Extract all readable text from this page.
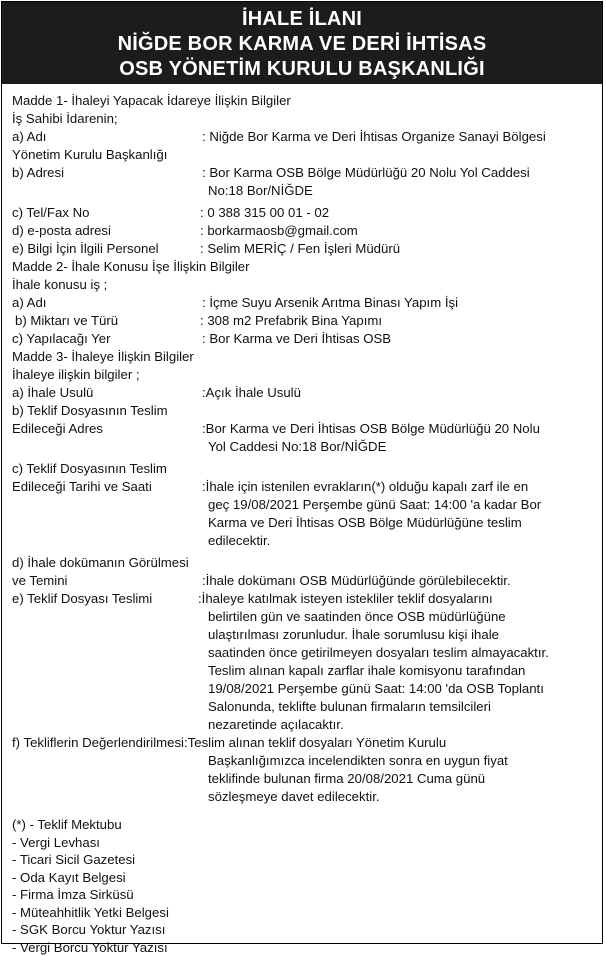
İHALE İLANI
NİĞDE BOR KARMA VE DERİ İHTİSAS
OSB YÖNETİM KURULU BAŞKANLIĞI
Madde 1- İhaleyi Yapacak İdareye İlişkin Bilgiler
İş Sahibi İdarenin;
a) Adı	: Niğde Bor Karma ve Deri İhtisas Organize Sanayi Bölgesi
Yönetim Kurulu Başkanlığı
b) Adresi	: Bor Karma OSB Bölge Müdürlüğü 20 Nolu Yol Caddesi
No:18 Bor/NİĞDE

c) Tel/Fax No	: 0 388 315 00 01 - 02
d) e-posta adresi	: borkarmaosb@gmail.com
e) Bilgi İçin İlgili Personel	: Selim MERİÇ / Fen İşleri Müdürü
Madde 2- İhale Konusu İşe İlişkin Bilgiler
İhale konusu iş ;
a) Adı	: İçme Suyu Arsenik Arıtma Binası Yapım İşi
b) Miktarı ve Türü	: 308 m2 Prefabrik Bina Yapımı
c) Yapılacağı Yer	: Bor Karma ve Deri İhtisas OSB
Madde 3- İhaleye İlişkin Bilgiler
İhaleye ilişkin bilgiler ;
a) İhale Usulü	:Açık İhale Usulü
b) Teklif Dosyasının Teslim
Edileceği Adres	:Bor Karma ve Deri İhtisas OSB Bölge Müdürlüğü 20 Nolu

Yol Caddesi No:18 Bor/NİĞDE
c) Teklif Dosyasının Teslim
Edileceği Tarihi ve Saati	:İhale için istenilen evrakların(*) olduğu kapalı zarf ile en

geç 19/08/2021 Perşembe günü Saat: 14:00 'a kadar Bor

Karma ve Deri İhtisas OSB Bölge Müdürlüğüne teslim

edilecektir.
d) İhale dokümanın Görülmesi
ve Temini	:İhale dokümanı OSB Müdürlüğünde görülebilecektir.
e) Teklif Dosyası Teslimi	:İhaleye katılmak isteyen istekliler teklif dosyalarını

belirtilen gün ve saatinden önce OSB müdürlüğüne

ulaştırılması zorunludur. İhale sorumlusu kişi ihale

saatinden önce getirilmeyen dosyaları teslim almayacaktır.

Teslim alınan kapalı zarflar ihale komisyonu tarafından

19/08/2021 Perşembe günü Saat: 14:00 'da OSB Toplantı

Salonunda, teklifte bulunan firmaların temsilcileri

nezaretinde açılacaktır.
f) Tekliflerin Değerlendirilmesi:Teslim alınan teklif dosyaları Yönetim Kurulu

Başkanlığımızca incelendikten sonra en uygun fiyat

teklifinde bulunan firma 20/08/2021 Cuma günü

sözleşmeye davet edilecektir.
(*) - Teklif Mektubu
- Vergi Levhası
- Ticari Sicil Gazetesi
- Oda Kayıt Belgesi
- Firma İmza Sirküsü
- Müteahhitlik Yetki Belgesi
- SGK Borcu Yoktur Yazısı
- Vergi Borcu Yoktur Yazısı
